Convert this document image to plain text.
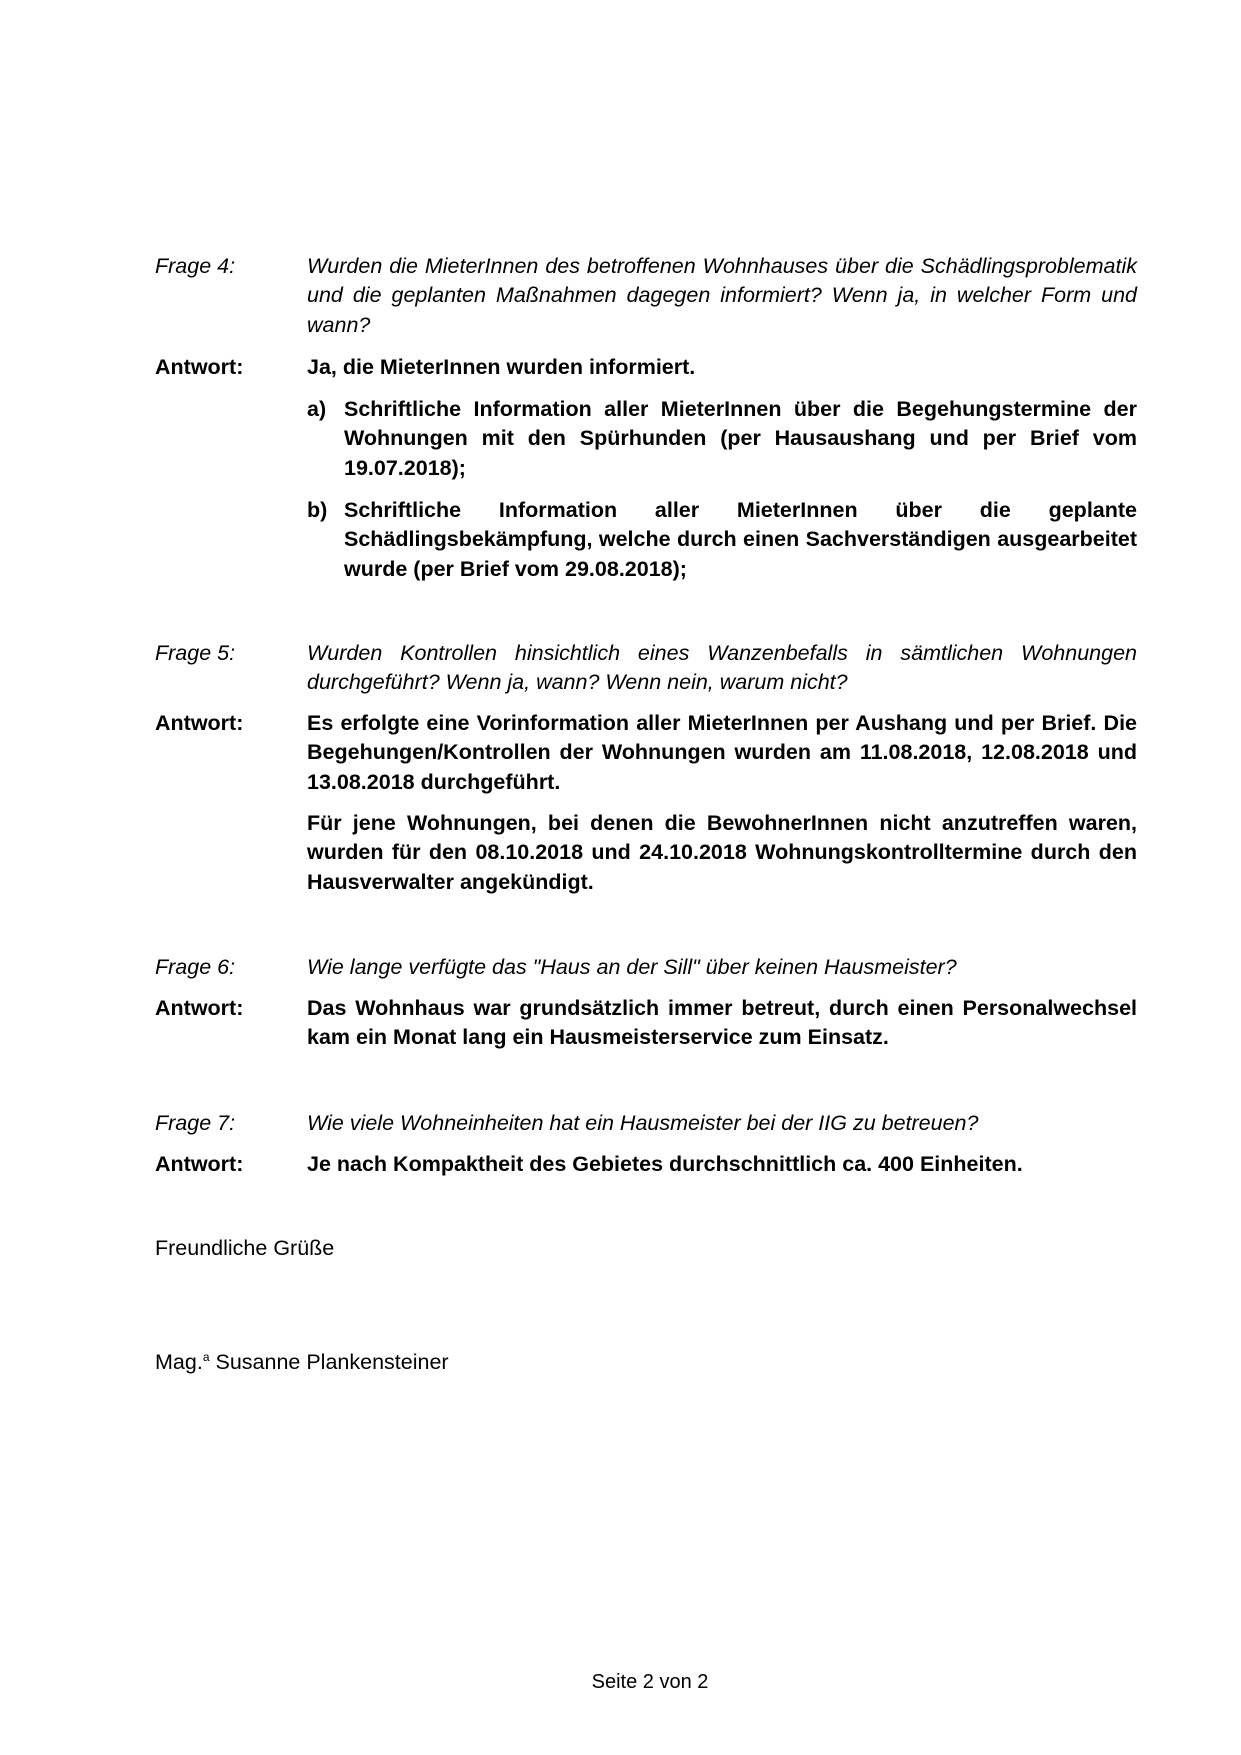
Frage 4:	Wurden die MieterInnen des betroffenen Wohnhauses über die Schädlingsproblematik und die geplanten Maßnahmen dagegen informiert? Wenn ja, in welcher Form und wann?
Antwort:	Ja, die MieterInnen wurden informiert.
a) Schriftliche Information aller MieterInnen über die Begehungstermine der Wohnungen mit den Spürhunden (per Hausaushang und per Brief vom 19.07.2018);
b) Schriftliche Information aller MieterInnen über die geplante Schädlingsbekämpfung, welche durch einen Sachverständigen ausgearbeitet wurde (per Brief vom 29.08.2018);
Frage 5:	Wurden Kontrollen hinsichtlich eines Wanzenbefalls in sämtlichen Wohnungen durchgeführt? Wenn ja, wann? Wenn nein, warum nicht?
Antwort:	Es erfolgte eine Vorinformation aller MieterInnen per Aushang und per Brief. Die Begehungen/Kontrollen der Wohnungen wurden am 11.08.2018, 12.08.2018 und 13.08.2018 durchgeführt.
Für jene Wohnungen, bei denen die BewohnerInnen nicht anzutreffen waren, wurden für den 08.10.2018 und 24.10.2018 Wohnungskontrolltermine durch den Hausverwalter angekündigt.
Frage 6:	Wie lange verfügte das "Haus an der Sill" über keinen Hausmeister?
Antwort:	Das Wohnhaus war grundsätzlich immer betreut, durch einen Personalwechsel kam ein Monat lang ein Hausmeisterservice zum Einsatz.
Frage 7:	Wie viele Wohneinheiten hat ein Hausmeister bei der IIG zu betreuen?
Antwort:	Je nach Kompaktheit des Gebietes durchschnittlich ca. 400 Einheiten.
Freundliche Grüße
Mag.$^a$ Susanne Plankensteiner
Seite 2 von 2
